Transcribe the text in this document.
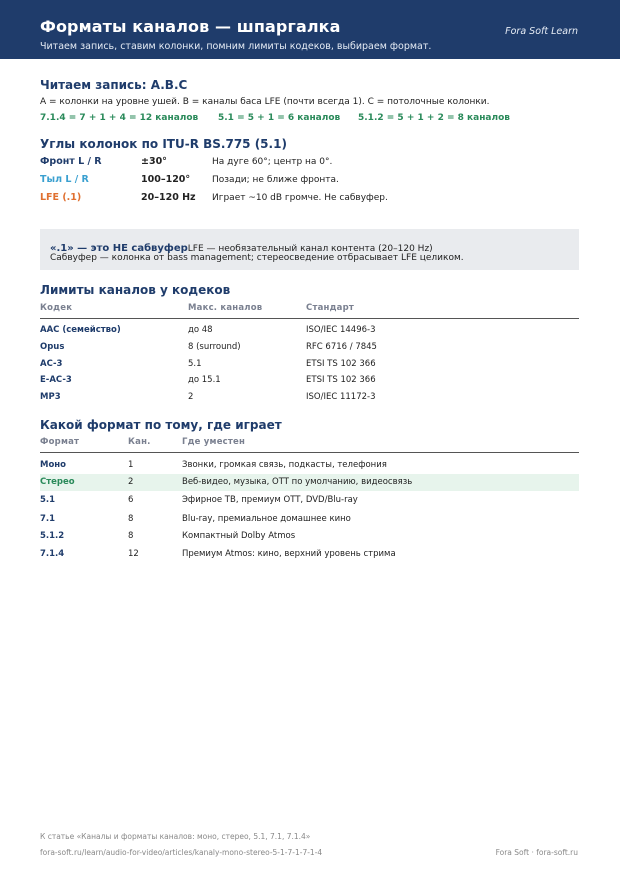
Форматы каналов — шпаргалка
Читаем запись, ставим колонки, помним лимиты кодеков, выбираем формат.
Fora Soft Learn
Читаем запись: A.B.C
A = колонки на уровне ушей. B = каналы баса LFE (почти всегда 1). C = потолочные колонки.
7.1.4 = 7 + 1 + 4 = 12 каналов 5.1 = 5 + 1 = 6 каналов 5.1.2 = 5 + 1 + 2 = 8 каналов
Углы колонок по ITU-R BS.775 (5.1)
Фронт L / R	±30°	На дуге 60°; центр на 0°.
Тыл L / R	100–120° Позади; не ближе фронта.
LFE (.1)	20–120 Hz Играет ~10 dB громче. Не сабвуфер.
«.1» — это НЕ сабвуферLFE — необязательный канал контента (20–120 Hz)
Сабвуфер — колонка от bass management; стереосведение отбрасывает LFE целиком.
Лимиты каналов у кодеков
Кодек	Макс. каналов	Стандарт
AAC (семейство)	до 48	ISO/IEC 14496-3
Opus	8 (surround)	RFC 6716 / 7845
AC-3	5.1	ETSI TS 102 366
E-AC-3	до 15.1	ETSI TS 102 366
MP3	2	ISO/IEC 11172-3
Какой формат по тому, где играет
Формат	Кан.	Где уместен
Моно	1	Звонки, громкая связь, подкасты, телефония
Стерео	2	Веб-видео, музыка, OTT по умолчанию, видеосвязь
5.1	6	Эфирное ТВ, премиум OTT, DVD/Blu-ray
7.1	8	Blu-ray, премиальное домашнее кино
5.1.2	8	Компактный Dolby Atmos
7.1.4	12	Премиум Atmos: кино, верхний уровень стрима
К статье «Каналы и форматы каналов: моно, стерео, 5.1, 7.1, 7.1.4»
fora-soft.ru/learn/audio-for-video/articles/kanaly-mono-stereo-5-1-7-1-7-1-4	Fora Soft · fora-soft.ru
